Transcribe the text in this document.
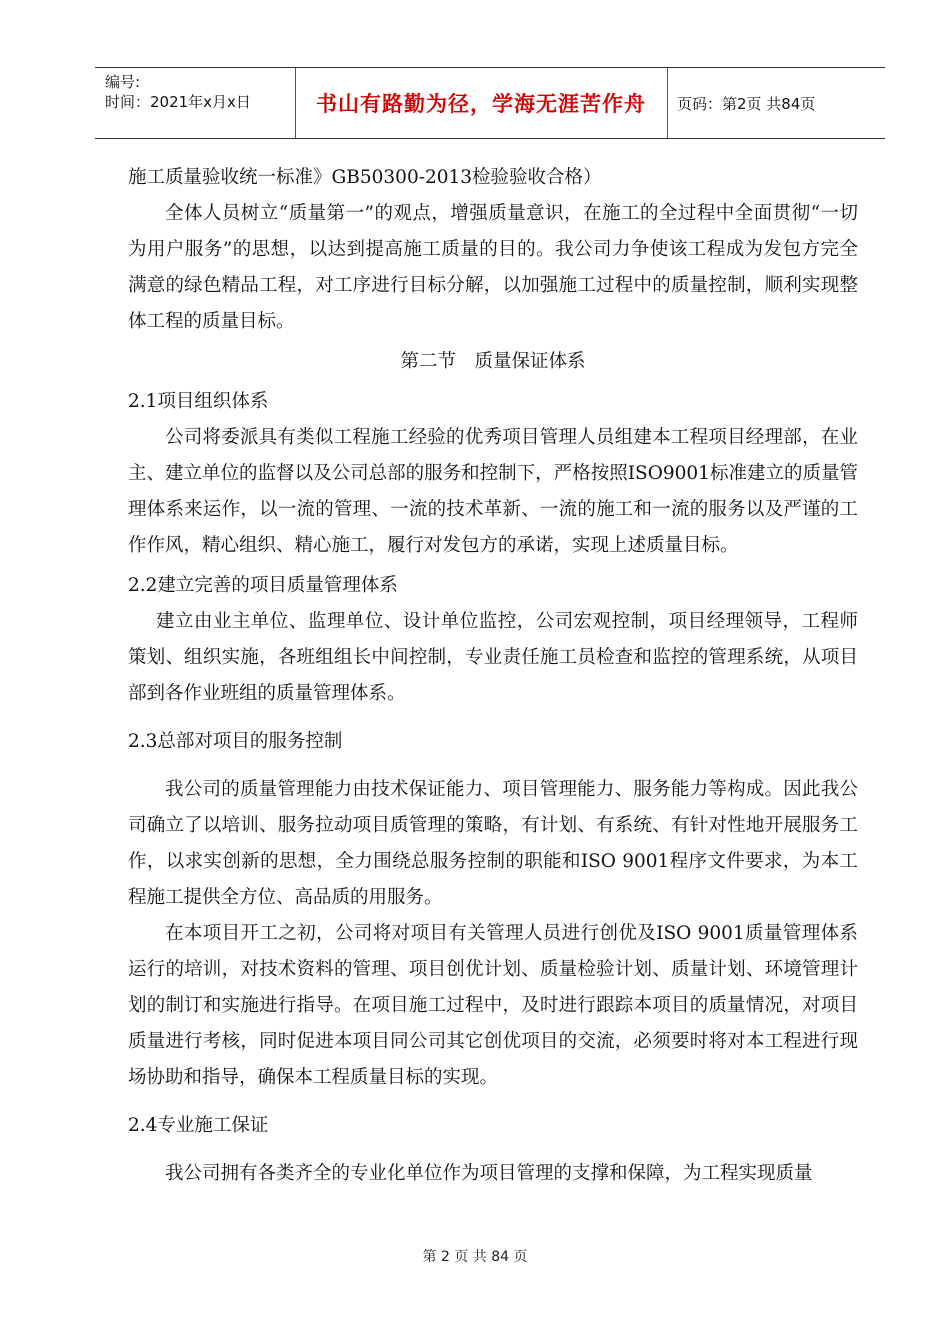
编号:
时间：2021年x月x日	书山有路勤为径，学海无涯苦作舟 页码：第2页 共84页

施工质量验收统一标准》GB50300-2013检验验收合格）

全体人员树立“质量第一”的观点，增强质量意识，在施工的全过程中全面贯彻“一切为用户服务”的思想，以达到提高施工质量的目的。我公司力争使该工程成为发包方完全满意的绿色精品工程，对工序进行目标分解，以加强施工过程中的质量控制，顺利实现整体工程的质量目标。

第二节　质量保证体系

2.1项目组织体系

公司将委派具有类似工程施工经验的优秀项目管理人员组建本工程项目经理部，在业主、建立单位的监督以及公司总部的服务和控制下，严格按照ISO9001标准建立的质量管理体系来运作，以一流的管理、一流的技术革新、一流的施工和一流的服务以及严谨的工作作风，精心组织、精心施工，履行对发包方的承诺，实现上述质量目标。

2.2建立完善的项目质量管理体系

建立由业主单位、监理单位、设计单位监控，公司宏观控制，项目经理领导，工程师策划、组织实施，各班组组长中间控制，专业责任施工员检查和监控的管理系统，从项目部到各作业班组的质量管理体系。

2.3总部对项目的服务控制

我公司的质量管理能力由技术保证能力、项目管理能力、服务能力等构成。因此我公司确立了以培训、服务拉动项目质管理的策略，有计划、有系统、有针对性地开展服务工作，以求实创新的思想，全力围绕总服务控制的职能和ISO 9001程序文件要求，为本工程施工提供全方位、高品质的用服务。

在本项目开工之初，公司将对项目有关管理人员进行创优及ISO 9001质量管理体系运行的培训，对技术资料的管理、项目创优计划、质量检验计划、质量计划、环境管理计划的制订和实施进行指导。在项目施工过程中，及时进行跟踪本项目的质量情况，对项目质量进行考核，同时促进本项目同公司其它创优项目的交流，必须要时将对本工程进行现场协助和指导，确保本工程质量目标的实现。

2.4专业施工保证

我公司拥有各类齐全的专业化单位作为项目管理的支撑和保障，为工程实现质量

第 2 页 共 84 页
